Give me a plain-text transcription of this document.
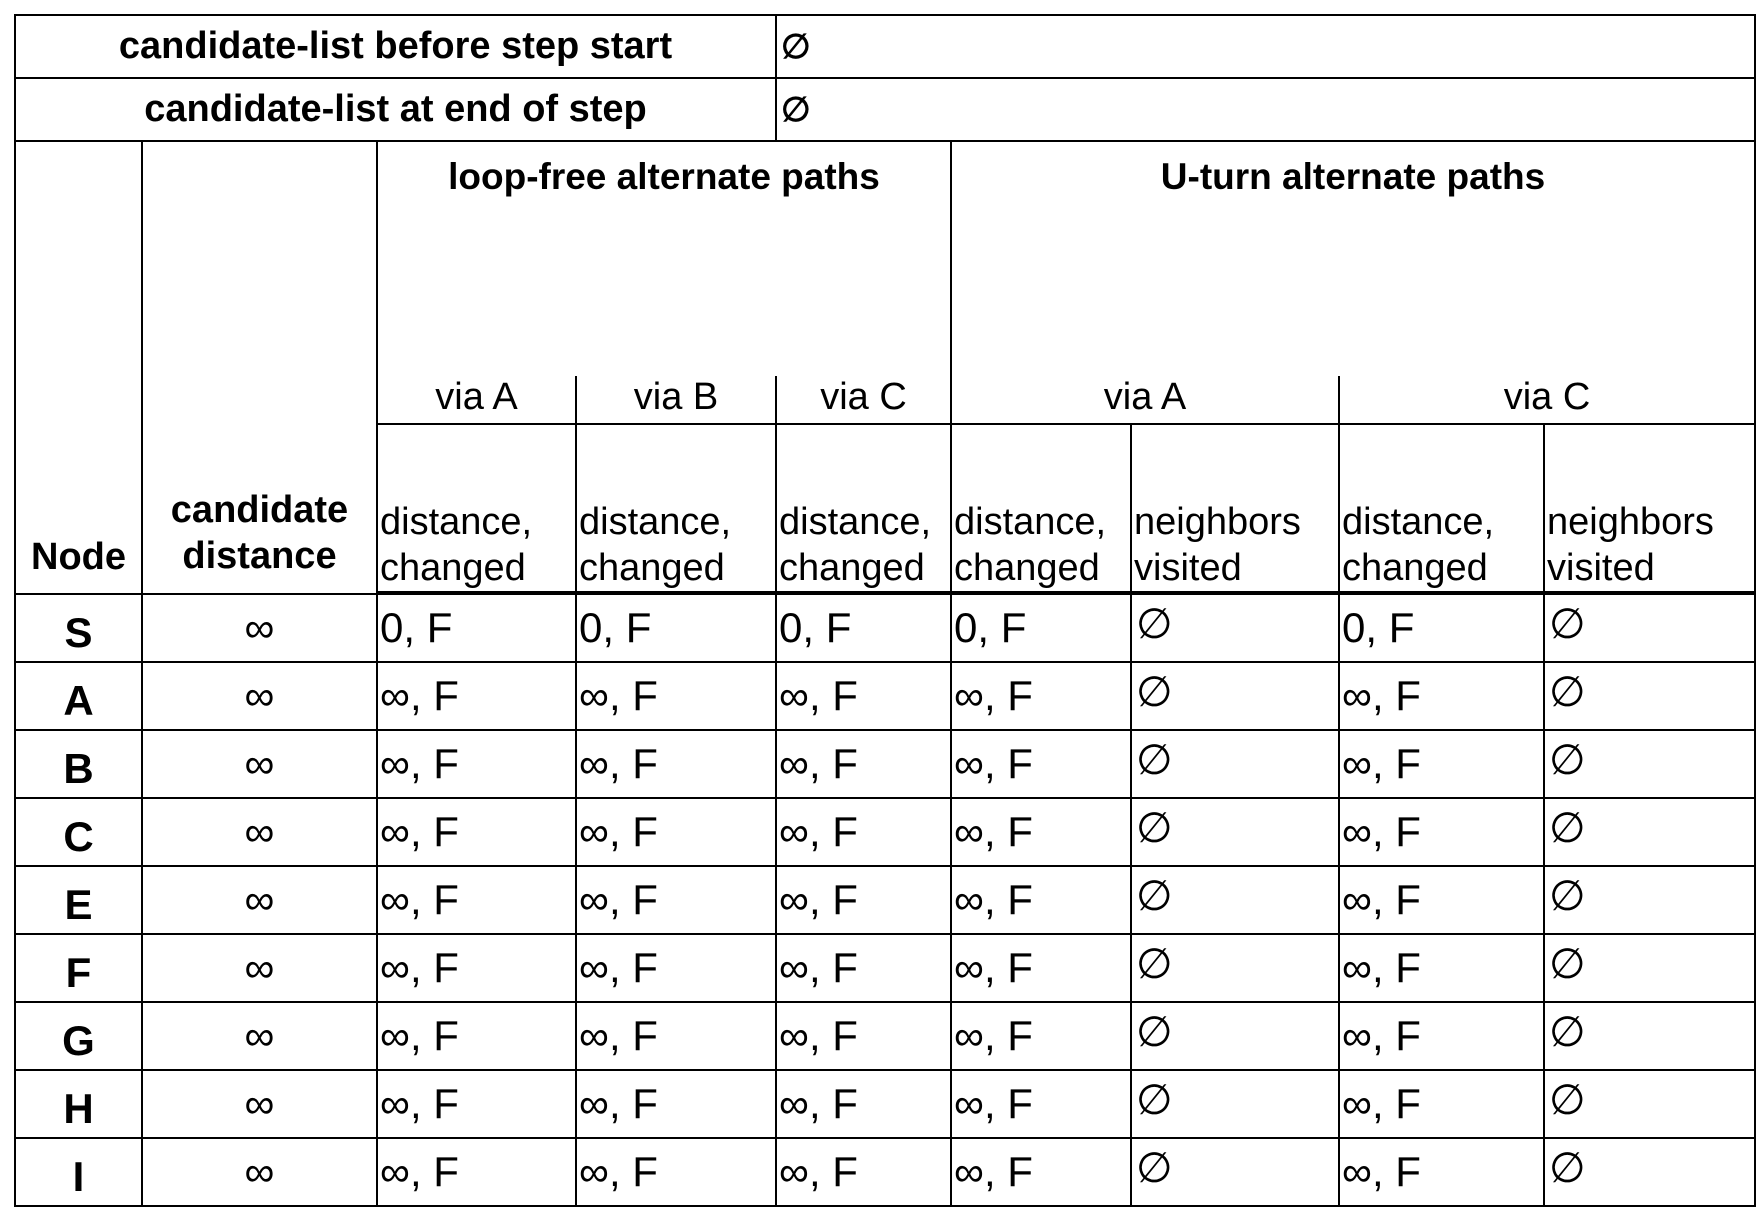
candidate-list before step start	∅
candidate-list at end of step	∅
Node	candidate distance	loop-free alternate paths	U-turn alternate paths
via A	via B	via C	via A	via C
distance, changed	distance, changed	distance, changed	distance, changed	neighbors visited	distance, changed	neighbors visited

S	∞	0, F	0, F	0, F	0, F	∅	0, F	∅
A	∞	∞, F	∞, F	∞, F	∞, F	∅	∞, F	∅
B	∞	∞, F	∞, F	∞, F	∞, F	∅	∞, F	∅
C	∞	∞, F	∞, F	∞, F	∞, F	∅	∞, F	∅
E	∞	∞, F	∞, F	∞, F	∞, F	∅	∞, F	∅
F	∞	∞, F	∞, F	∞, F	∞, F	∅	∞, F	∅
G	∞	∞, F	∞, F	∞, F	∞, F	∅	∞, F	∅
H	∞	∞, F	∞, F	∞, F	∞, F	∅	∞, F	∅
I	∞	∞, F	∞, F	∞, F	∞, F	∅	∞, F	∅
